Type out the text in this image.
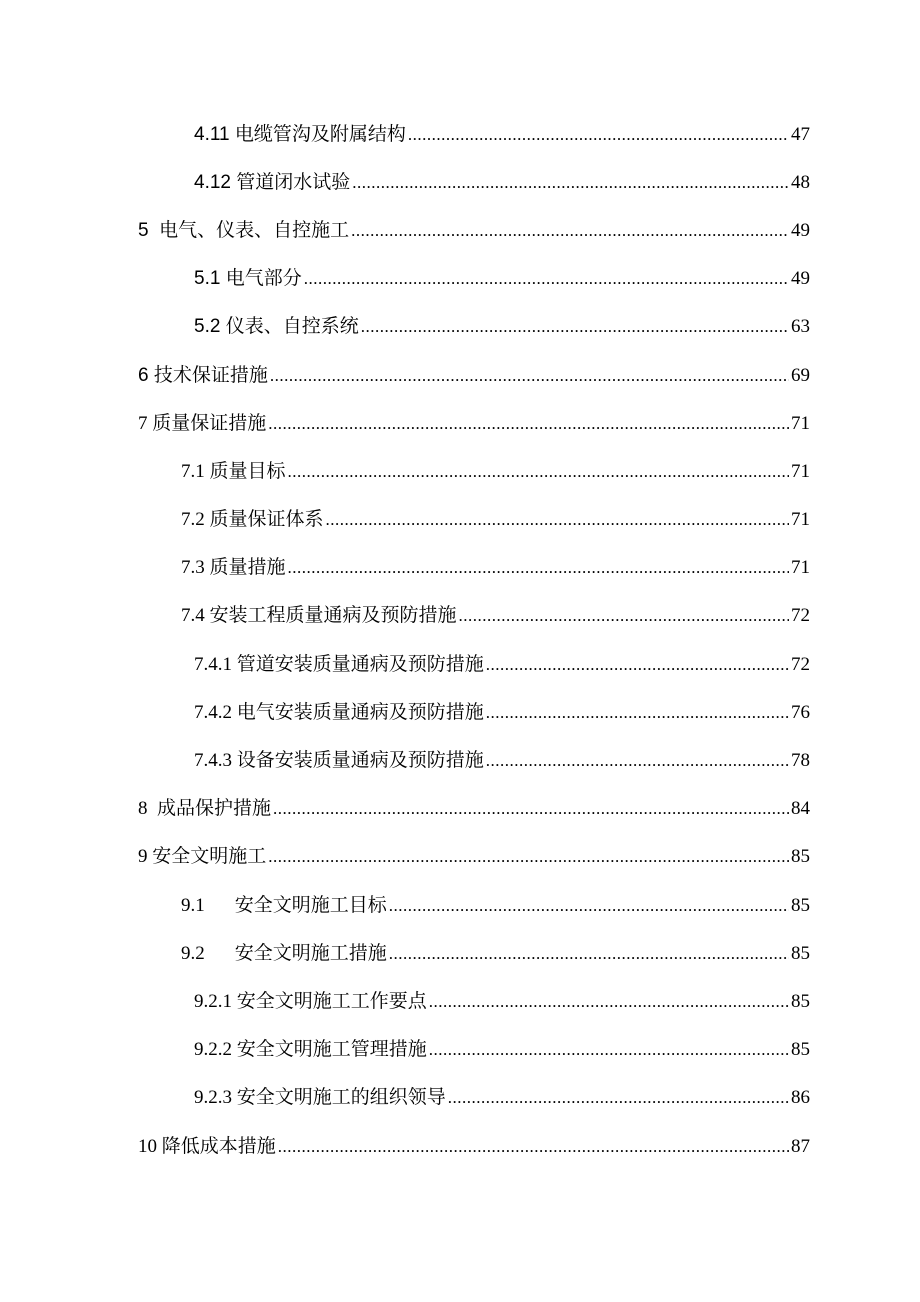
4.11 电缆管沟及附属结构 .....	47
4.12 管道闭水试验 .....	48
5  电气、仪表、自控施工 .....	49
5.1 电气部分 .....	49
5.2 仪表、自控系统 .....	63
6 技术保证措施 .....	69
7 质量保证措施 .....	71
7.1 质量目标 .....	71
7.2 质量保证体系 .....	71
7.3 质量措施 .....	71
7.4 安装工程质量通病及预防措施 .....	72
7.4.1 管道安装质量通病及预防措施 .....	72
7.4.2 电气安装质量通病及预防措施 .....	76
7.4.3 设备安装质量通病及预防措施 .....	78
8  成品保护措施 .....	84
9 安全文明施工 .....	85
9.1 安全文明施工目标 .....	85
9.2 安全文明施工措施 .....	85
9.2.1 安全文明施工工作要点 .....	85
9.2.2 安全文明施工管理措施 .....	85
9.2.3 安全文明施工的组织领导 .....	86
10 降低成本措施 .....	87
